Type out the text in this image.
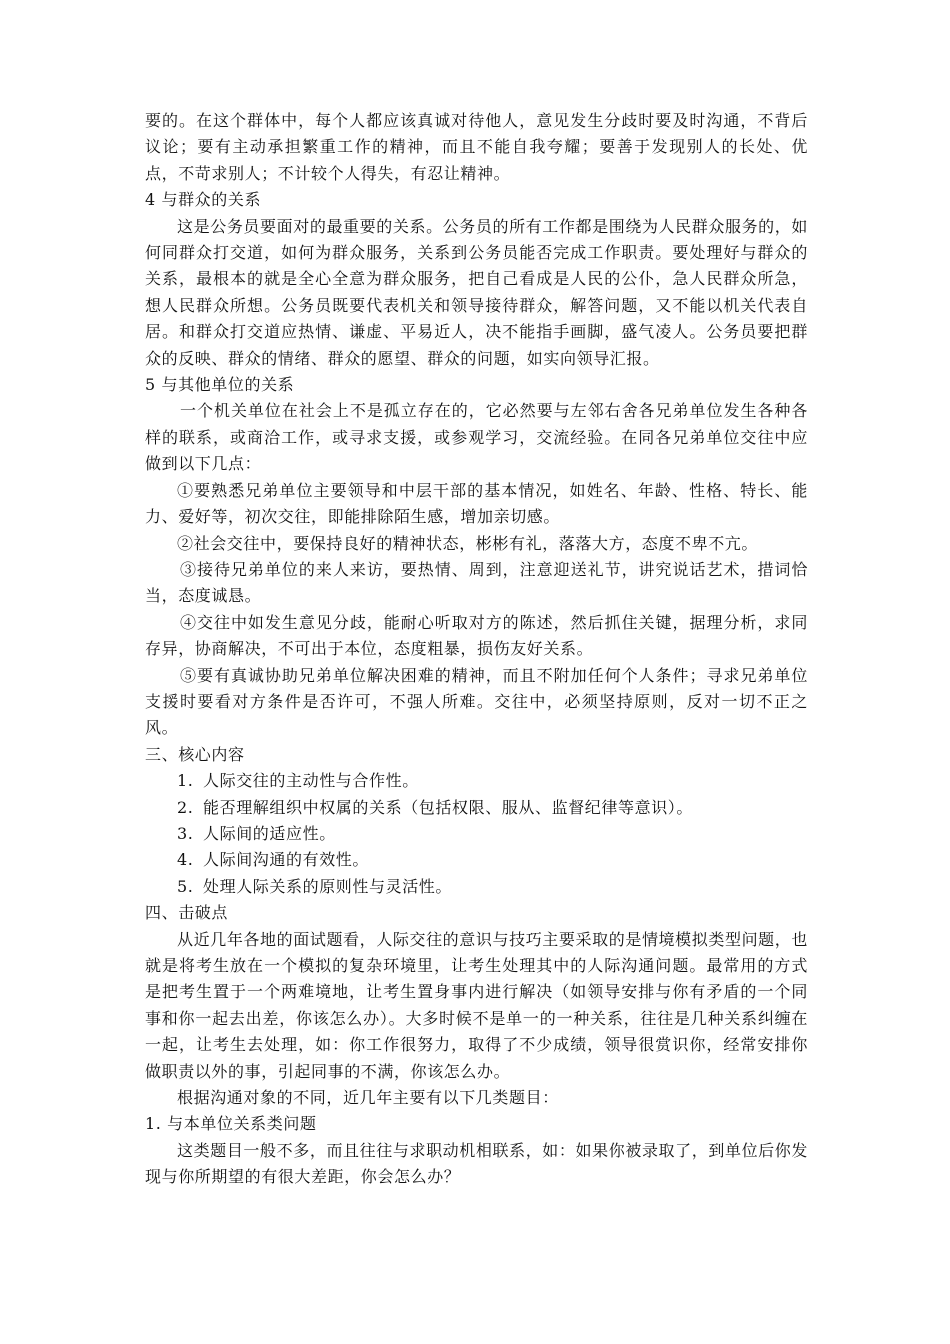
要的。在这个群体中，每个人都应该真诚对待他人，意见发生分歧时要及时沟通，不背后议论；要有主动承担繁重工作的精神，而且不能自我夸耀；要善于发现别人的长处、优点，不苛求别人；不计较个人得失，有忍让精神。

4 与群众的关系

这是公务员要面对的最重要的关系。公务员的所有工作都是围绕为人民群众服务的，如何同群众打交道，如何为群众服务，关系到公务员能否完成工作职责。要处理好与群众的关系，最根本的就是全心全意为群众服务，把自己看成是人民的公仆，急人民群众所急，想人民群众所想。公务员既要代表机关和领导接待群众，解答问题，又不能以机关代表自居。和群众打交道应热情、谦虚、平易近人，决不能指手画脚，盛气凌人。公务员要把群众的反映、群众的情绪、群众的愿望、群众的问题，如实向领导汇报。

5 与其他单位的关系

一个机关单位在社会上不是孤立存在的，它必然要与左邻右舍各兄弟单位发生各种各样的联系，或商洽工作，或寻求支援，或参观学习，交流经验。在同各兄弟单位交往中应做到以下几点：

①要熟悉兄弟单位主要领导和中层干部的基本情况，如姓名、年龄、性格、特长、能力、爱好等，初次交往，即能排除陌生感，增加亲切感。

②社会交往中，要保持良好的精神状态，彬彬有礼，落落大方，态度不卑不亢。

③接待兄弟单位的来人来访，要热情、周到，注意迎送礼节，讲究说话艺术，措词恰当，态度诚恳。

④交往中如发生意见分歧，能耐心听取对方的陈述，然后抓住关键，据理分析，求同存异，协商解决，不可出于本位，态度粗暴，损伤友好关系。

⑤要有真诚协助兄弟单位解决困难的精神，而且不附加任何个人条件；寻求兄弟单位支援时要看对方条件是否许可，不强人所难。交往中，必须坚持原则，反对一切不正之风。

三、核心内容

1. 人际交往的主动性与合作性。

2. 能否理解组织中权属的关系（包括权限、服从、监督纪律等意识）。

3. 人际间的适应性。

4. 人际间沟通的有效性。

5. 处理人际关系的原则性与灵活性。

四、击破点

从近几年各地的面试题看，人际交往的意识与技巧主要采取的是情境模拟类型问题，也就是将考生放在一个模拟的复杂环境里，让考生处理其中的人际沟通问题。最常用的方式是把考生置于一个两难境地，让考生置身事内进行解决（如领导安排与你有矛盾的一个同事和你一起去出差，你该怎么办）。大多时候不是单一的一种关系，往往是几种关系纠缠在一起，让考生去处理，如：你工作很努力，取得了不少成绩，领导很赏识你，经常安排你做职责以外的事，引起同事的不满，你该怎么办。

根据沟通对象的不同，近几年主要有以下几类题目：

1. 与本单位关系类问题

这类题目一般不多，而且往往与求职动机相联系，如：如果你被录取了，到单位后你发现与你所期望的有很大差距，你会怎么办？
